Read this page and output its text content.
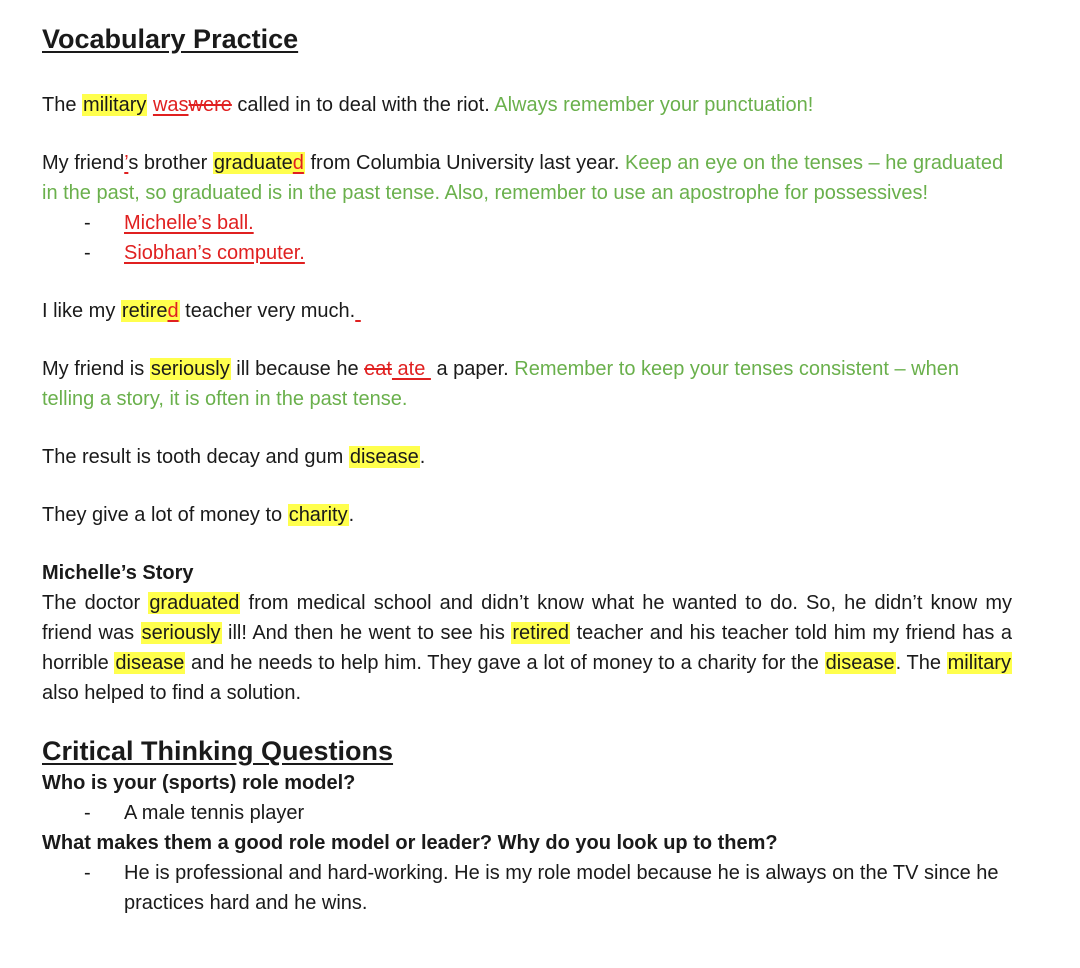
Vocabulary Practice

The military waswere called in to deal with the riot. Always remember your punctuation!

My friend’s brother graduated from Columbia University last year. Keep an eye on the tenses – he graduated in the past, so graduated is in the past tense. Also, remember to use an apostrophe for possessives!

- Michelle’s ball.
- Siobhan’s computer.

I like my retired teacher very much.

My friend is seriously ill because he eat ate  a paper. Remember to keep your tenses consistent – when telling a story, it is often in the past tense.

The result is tooth decay and gum disease.

They give a lot of money to charity.

Michelle’s Story

The doctor graduated from medical school and didn’t know what he wanted to do. So, he didn’t know my friend was seriously ill! And then he went to see his retired teacher and his teacher told him my friend has a horrible disease and he needs to help him. They gave a lot of money to a charity for the disease. The military also helped to find a solution.

Critical Thinking Questions

Who is your (sports) role model?

- A male tennis player

What makes them a good role model or leader? Why do you look up to them?

- He is professional and hard-working. He is my role model because he is always on the TV since he practices hard and he wins.
